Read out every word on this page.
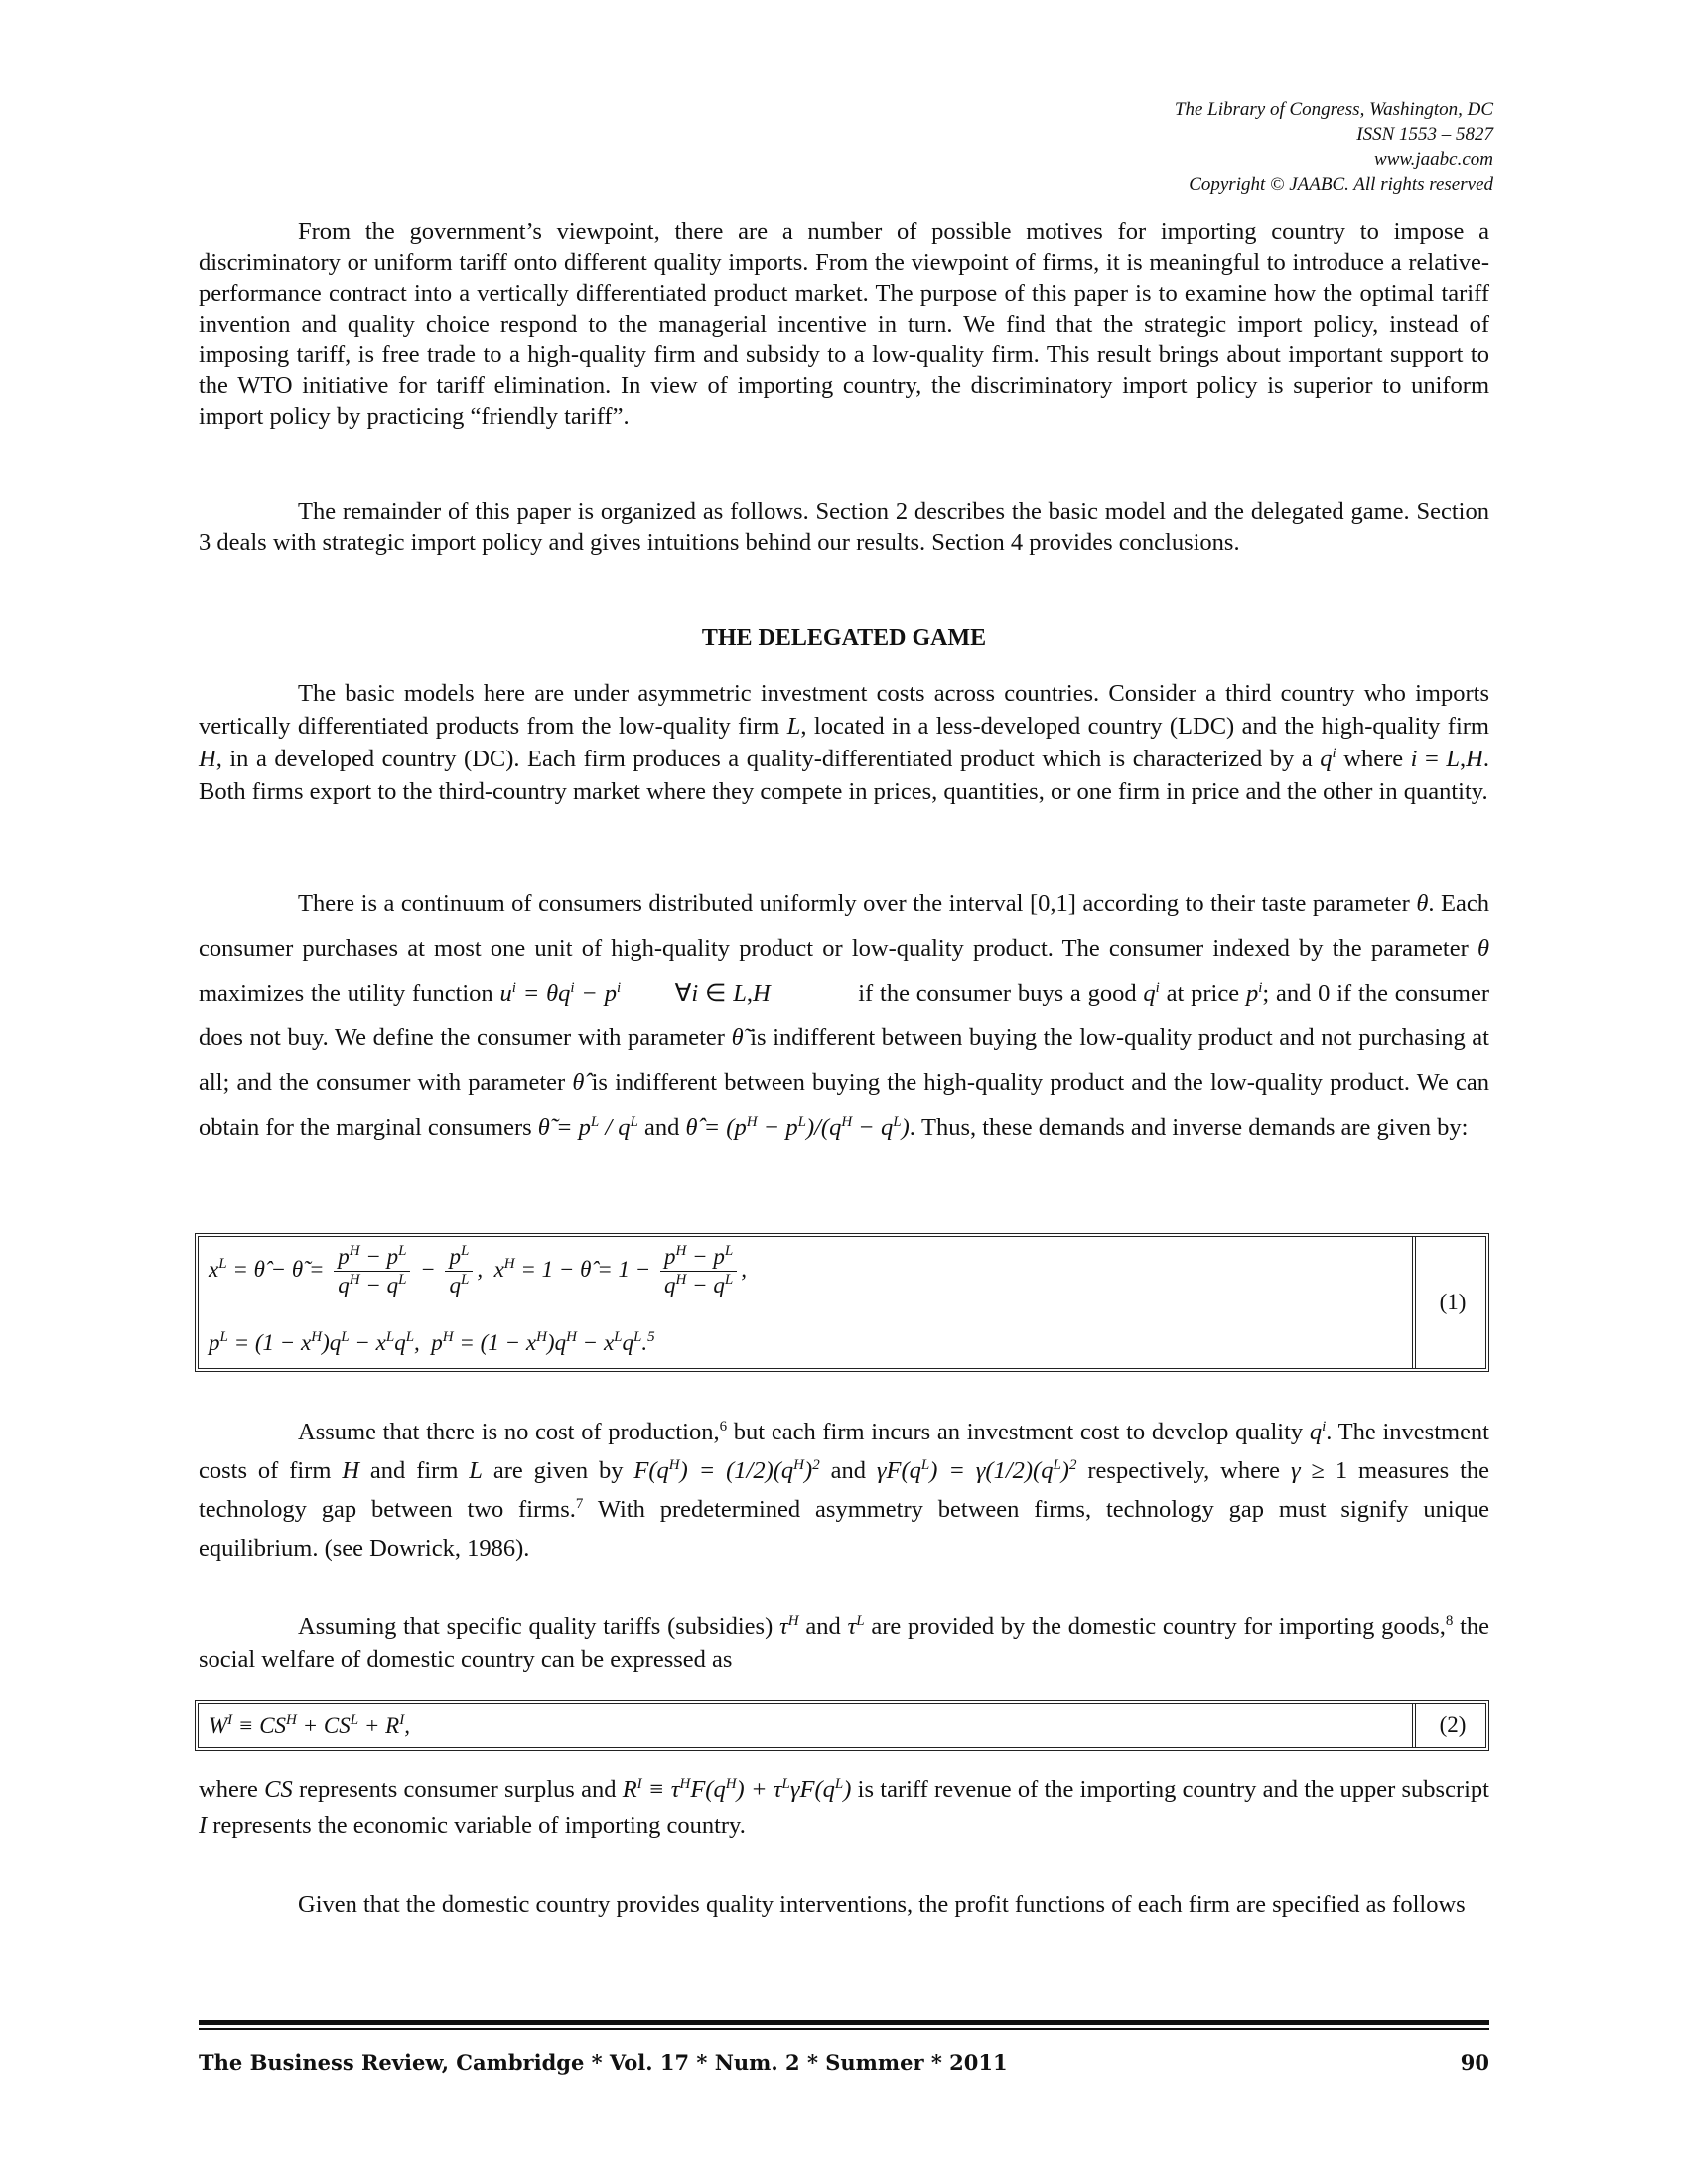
The Library of Congress, Washington, DC
ISSN 1553 – 5827
www.jaabc.com
Copyright © JAABC. All rights reserved

From the government’s viewpoint, there are a number of possible motives for importing country to impose a discriminatory or uniform tariff onto different quality imports. From the viewpoint of firms, it is meaningful to introduce a relative-performance contract into a vertically differentiated product market. The purpose of this paper is to examine how the optimal tariff invention and quality choice respond to the managerial incentive in turn. We find that the strategic import policy, instead of imposing tariff, is free trade to a high-quality firm and subsidy to a low-quality firm. This result brings about important support to the WTO initiative for tariff elimination. In view of importing country, the discriminatory import policy is superior to uniform import policy by practicing “friendly tariff”.

The remainder of this paper is organized as follows. Section 2 describes the basic model and the delegated game. Section 3 deals with strategic import policy and gives intuitions behind our results. Section 4 provides conclusions.

THE DELEGATED GAME

The basic models here are under asymmetric investment costs across countries. Consider a third country who imports vertically differentiated products from the low-quality firm L, located in a less-developed country (LDC) and the high-quality firm H, in a developed country (DC). Each firm produces a quality-differentiated product which is characterized by a $q^i$ where i = L,H. Both firms export to the third-country market where they compete in prices, quantities, or one firm in price and the other in quantity.

There is a continuum of consumers distributed uniformly over the interval [0,1] according to their taste parameter θ. Each consumer purchases at most one unit of high-quality product or low-quality product. The consumer indexed by the parameter θ maximizes the utility function $u^i = \theta q^i - p^i$        ∀i ∈ L,H	if the consumer buys a good $q^i$ at price $p^i$; and 0 if the consumer does not buy. We define the consumer with parameter θ̃ is indifferent between buying the low-quality product and not purchasing at all; and the consumer with parameter θ̂ is indifferent between buying the high-quality product and the low-quality product. We can obtain for the marginal consumers θ̃ = $p^L / q^L$ and θ̂ = $(p^H - p^L)/(q^H - q^L)$. Thus, these demands and inverse demands are given by:

$x^L$ = θ̂ − θ̃ = $\frac{p^H - p^L}{q^H - q^L} - \frac{p^L}{q^L}$ ,  $x^H = 1$ − θ̂ = $1 - \frac{p^H - p^L}{q^H - q^L}$ ,
$p^L = (1 - x^H)q^L - x^Lq^L$,  $p^H = (1 - x^H)q^H - x^Lq^L.^5$
(1)

Assume that there is no cost of production,$^6$ but each firm incurs an investment cost to develop quality $q^i$. The investment costs of firm H and firm L are given by $F(q^H) = (1/2)(q^H)^2$ and $\gamma F(q^L) = \gamma(1/2)(q^L)^2$ respectively, where γ ≥ 1 measures the technology gap between two firms.$^7$ With predetermined asymmetry between firms, technology gap must signify unique equilibrium. (see Dowrick, 1986).

Assuming that specific quality tariffs (subsidies) $\tau^H$ and $\tau^L$ are provided by the domestic country for importing goods,$^8$ the social welfare of domestic country can be expressed as

$W^I \equiv CS^H + CS^L + R^I$,	(2)

where CS represents consumer surplus and $R^I \equiv \tau^HF(q^H) + \tau^L\gamma F(q^L)$ is tariff revenue of the importing country and the upper subscript I represents the economic variable of importing country.

Given that the domestic country provides quality interventions, the profit functions of each firm are specified as follows

The Business Review, Cambridge * Vol. 17 * Num. 2 * Summer * 2011	90
